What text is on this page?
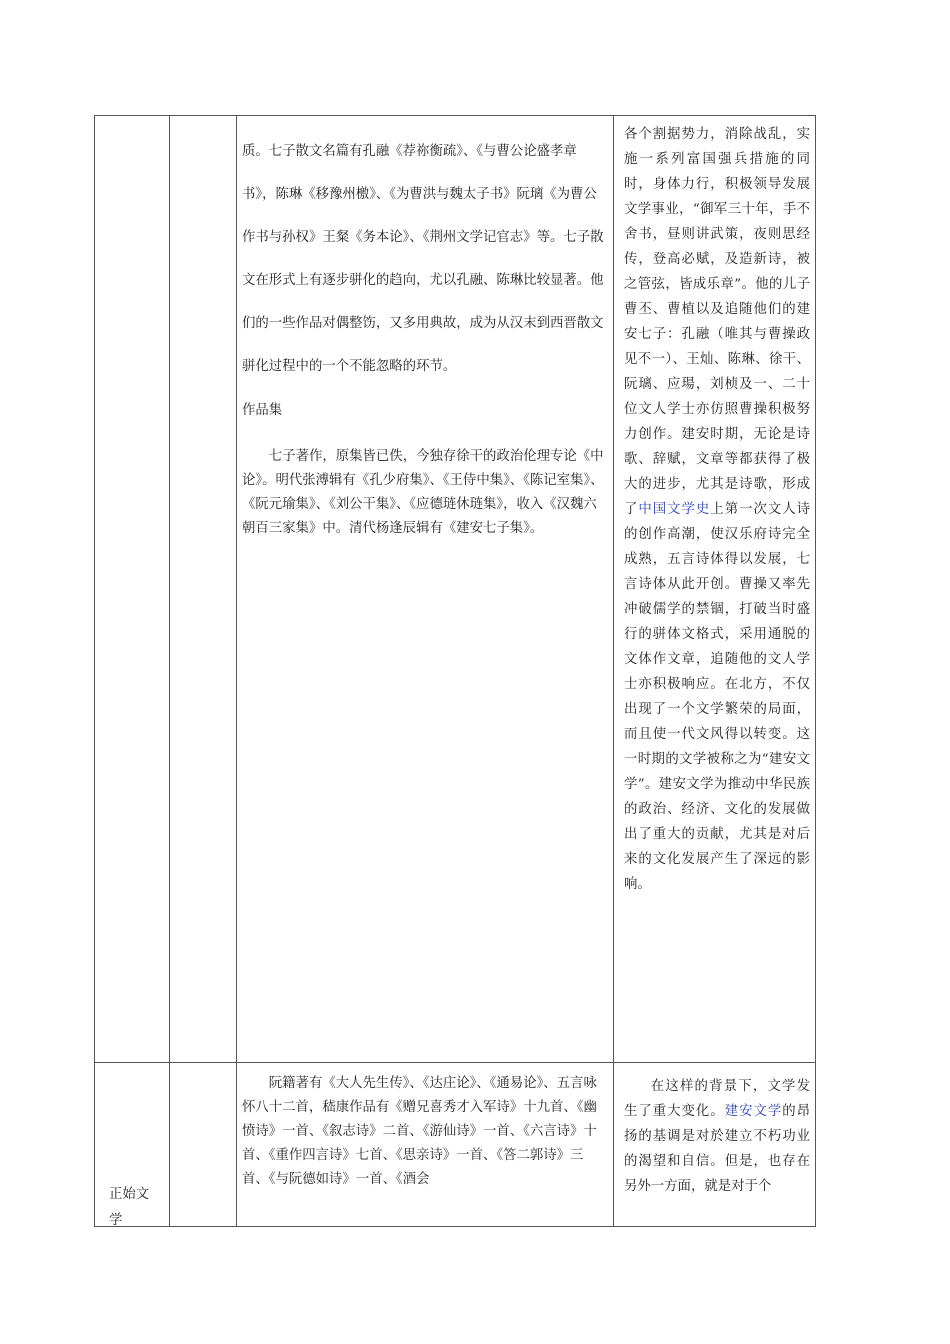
质。七子散文名篇有孔融《荐祢衡疏》、《与曹公论盛孝章书》，陈琳《移豫州檄》、《为曹洪与魏太子书》阮璃《为曹公作书与孙权》王粲《务本论》、《荆州文学记官志》等。七子散文在形式上有逐步骈化的趋向，尤以孔融、陈琳比较显著。他们的一些作品对偶整饬，又多用典故，成为从汉末到西晋散文骈化过程中的一个不能忽略的环节。

作品集

七子著作，原集皆已佚，今独存徐干的政治伦理专论《中论》。明代张溥辑有《孔少府集》、《王侍中集》、《陈记室集》、《阮元瑜集》、《刘公干集》、《应德琏休琏集》，收入《汉魏六朝百三家集》中。清代杨逢辰辑有《建安七子集》。

各个割据势力，消除战乱，实施一系列富国强兵措施的同时，身体力行，积极领导发展文学事业，“御军三十年，手不舍书，昼则讲武策，夜则思经传，登高必赋，及造新诗，被之管弦，皆成乐章”。他的儿子曹丕、曹植以及追随他们的建安七子：孔融（唯其与曹操政见不一）、王灿、陈琳、徐干、阮璃、应瑒，刘桢及一、二十位文人学士亦仿照曹操积极努力创作。建安时期，无论是诗歌、辞赋，文章等都获得了极大的进步，尤其是诗歌，形成了中国文学史上第一次文人诗的创作高潮，使汉乐府诗完全成熟，五言诗体得以发展，七言诗体从此开创。曹操又率先冲破儒学的禁锢，打破当时盛行的骈体文格式，采用通脱的文体作文章，追随他的文人学士亦积极响应。在北方，不仅出现了一个文学繁荣的局面，而且使一代文风得以转变。这一时期的文学被称之为“建安文学”。建安文学为推动中华民族的政治、经济、文化的发展做出了重大的贡献，尤其是对后来的文化发展产生了深远的影响。

正始文学

阮籍著有《大人先生传》、《达庄论》、《通易论》、五言咏怀八十二首，嵇康作品有《赠兄喜秀才入军诗》十九首、《幽愤诗》一首、《叙志诗》二首、《游仙诗》一首、《六言诗》十首、《重作四言诗》七首、《思亲诗》一首、《答二郭诗》三首、《与阮德如诗》一首、《酒会

在这样的背景下，文学发生了重大变化。建安文学的昂扬的基调是对於建立不朽功业的渴望和自信。但是，也存在另外一方面，就是对于个
